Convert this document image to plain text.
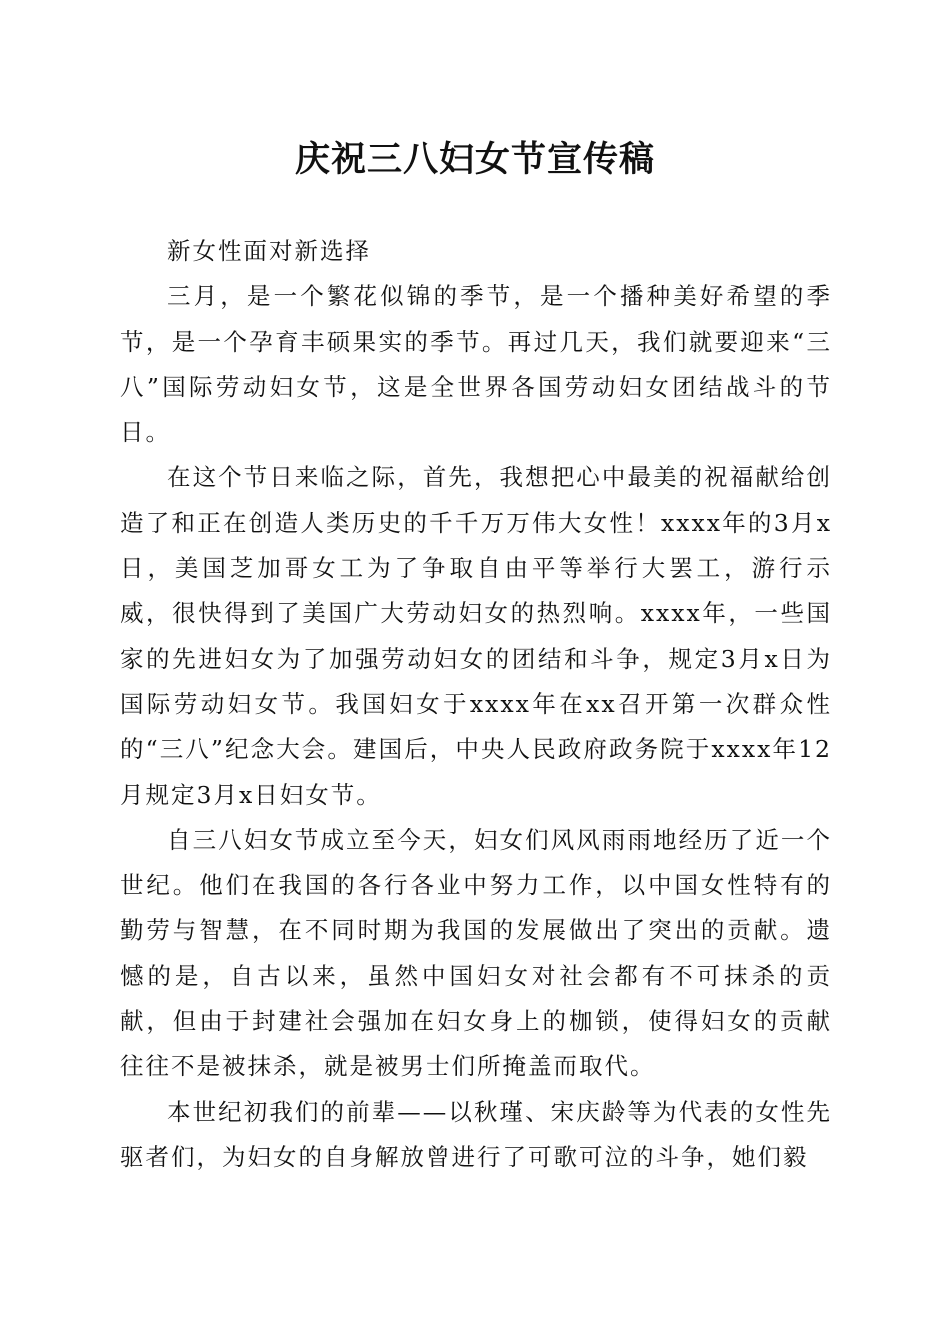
庆祝三八妇女节宣传稿

新女性面对新选择

三月，是一个繁花似锦的季节，是一个播种美好希望的季节，是一个孕育丰硕果实的季节。再过几天，我们就要迎来“三八”国际劳动妇女节，这是全世界各国劳动妇女团结战斗的节日。

在这个节日来临之际，首先，我想把心中最美的祝福献给创造了和正在创造人类历史的千千万万伟大女性！xxxx年的3月x日，美国芝加哥女工为了争取自由平等举行大罢工，游行示威，很快得到了美国广大劳动妇女的热烈响。xxxx年，一些国家的先进妇女为了加强劳动妇女的团结和斗争，规定3月x日为国际劳动妇女节。我国妇女于xxxx年在xx召开第一次群众性的“三八”纪念大会。建国后，中央人民政府政务院于xxxx年12月规定3月x日妇女节。

自三八妇女节成立至今天，妇女们风风雨雨地经历了近一个世纪。他们在我国的各行各业中努力工作，以中国女性特有的勤劳与智慧，在不同时期为我国的发展做出了突出的贡献。遗憾的是，自古以来，虽然中国妇女对社会都有不可抹杀的贡献，但由于封建社会强加在妇女身上的枷锁，使得妇女的贡献往往不是被抹杀，就是被男士们所掩盖而取代。

本世纪初我们的前辈——以秋瑾、宋庆龄等为代表的女性先驱者们，为妇女的自身解放曾进行了可歌可泣的斗争，她们毅
